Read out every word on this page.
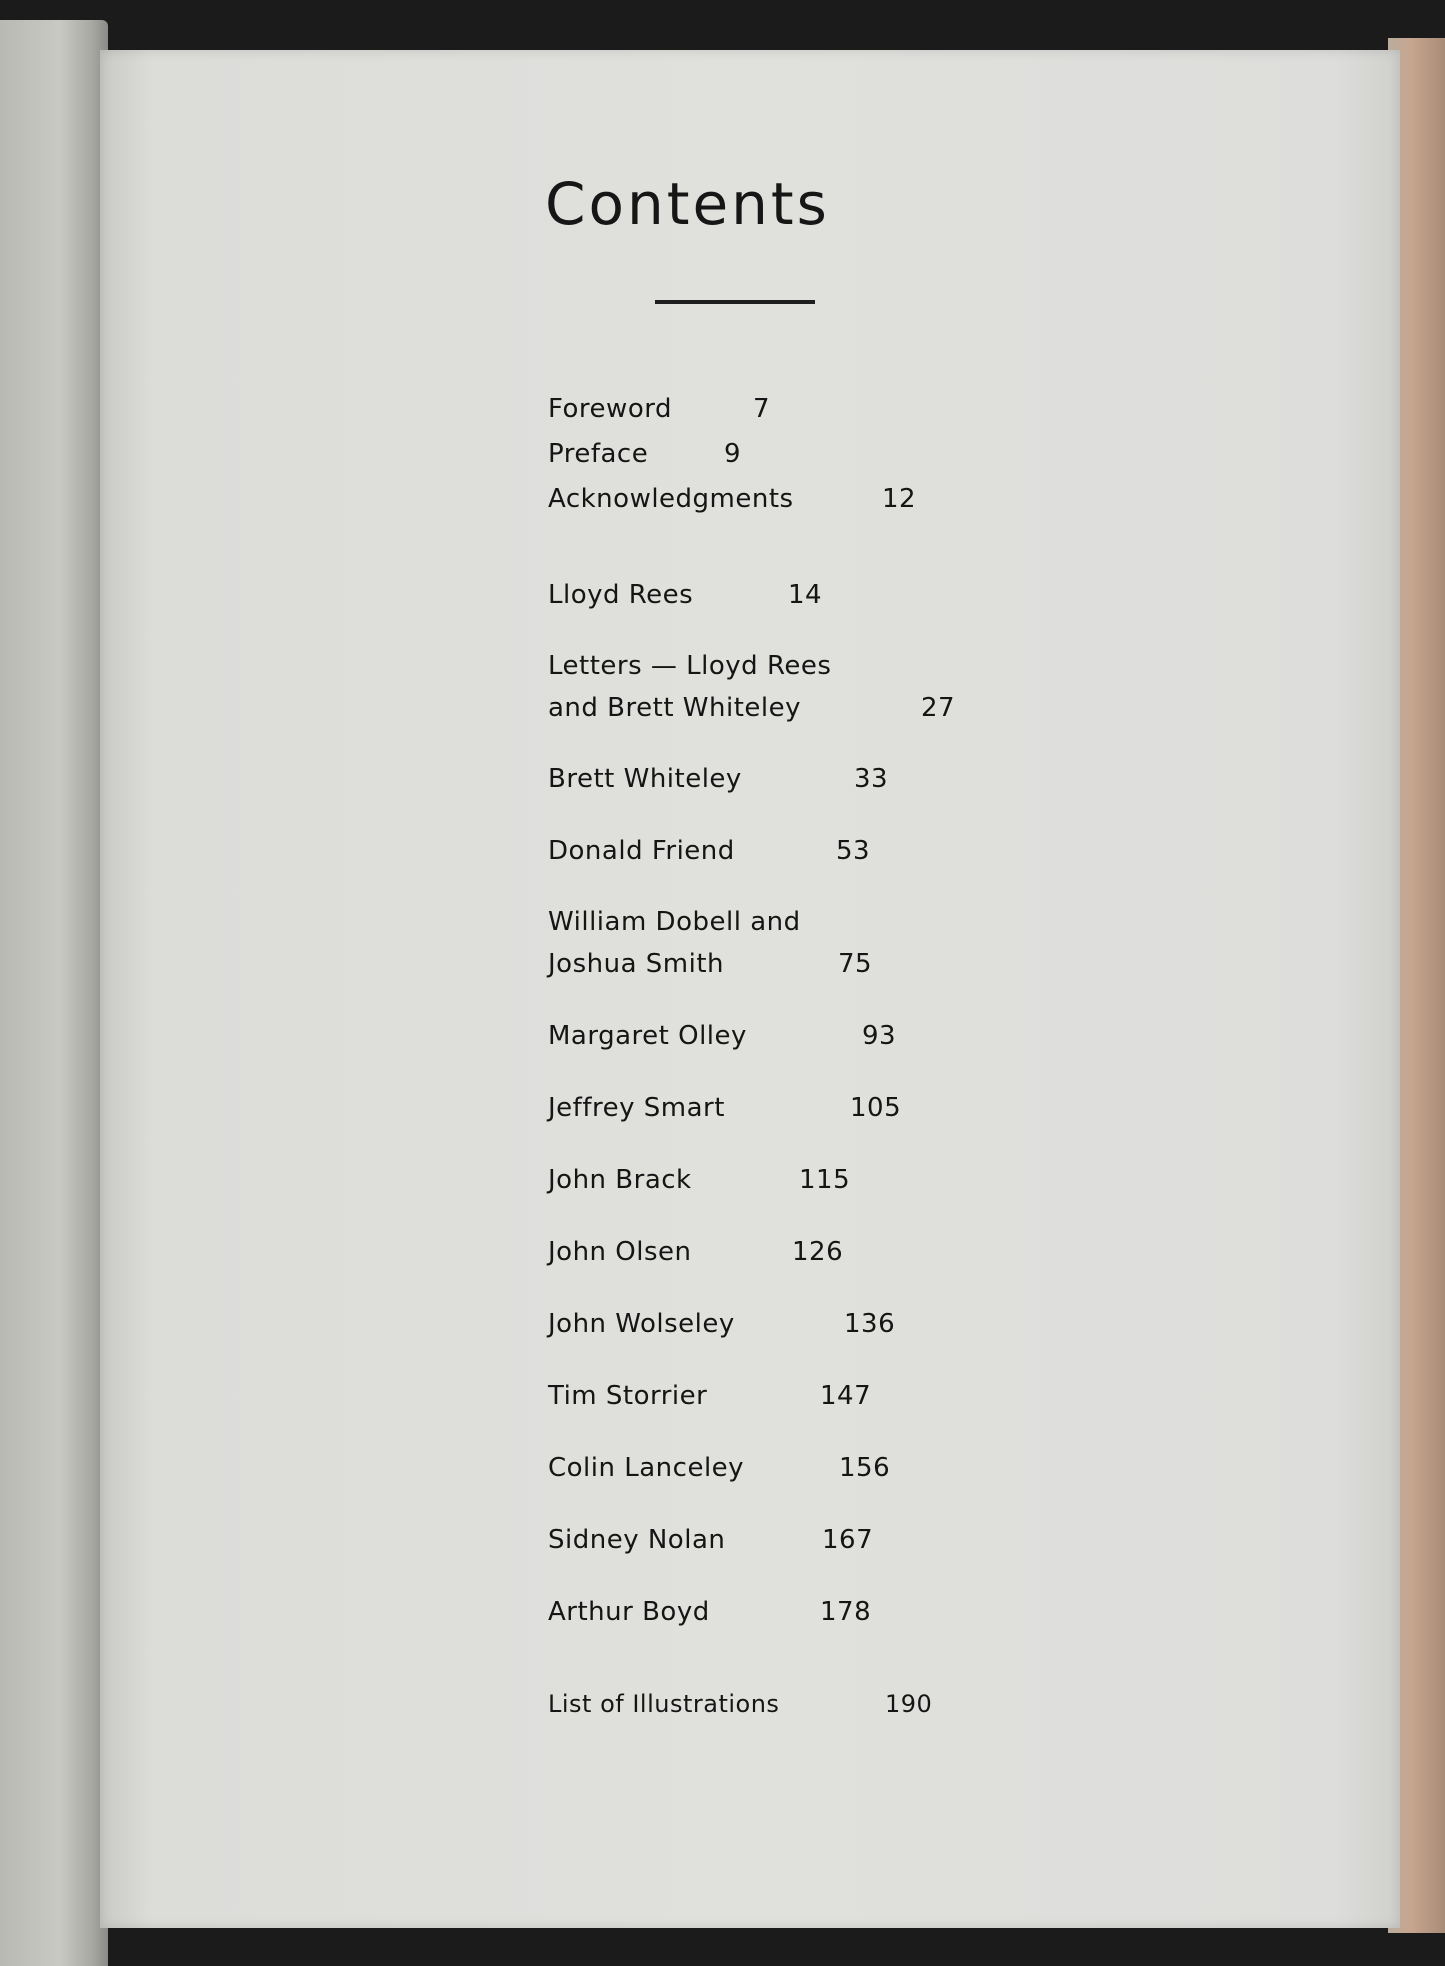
Contents
Foreword	7
Preface	9
Acknowledgments	12
Lloyd Rees	14
Letters — Lloyd Rees
and Brett Whiteley	27
Brett Whiteley	33
Donald Friend	53
William Dobell and
Joshua Smith	75
Margaret Olley	93
Jeffrey Smart	105
John Brack	115
John Olsen	126
John Wolseley	136
Tim Storrier	147
Colin Lanceley	156
Sidney Nolan	167
Arthur Boyd	178
List of Illustrations	190
